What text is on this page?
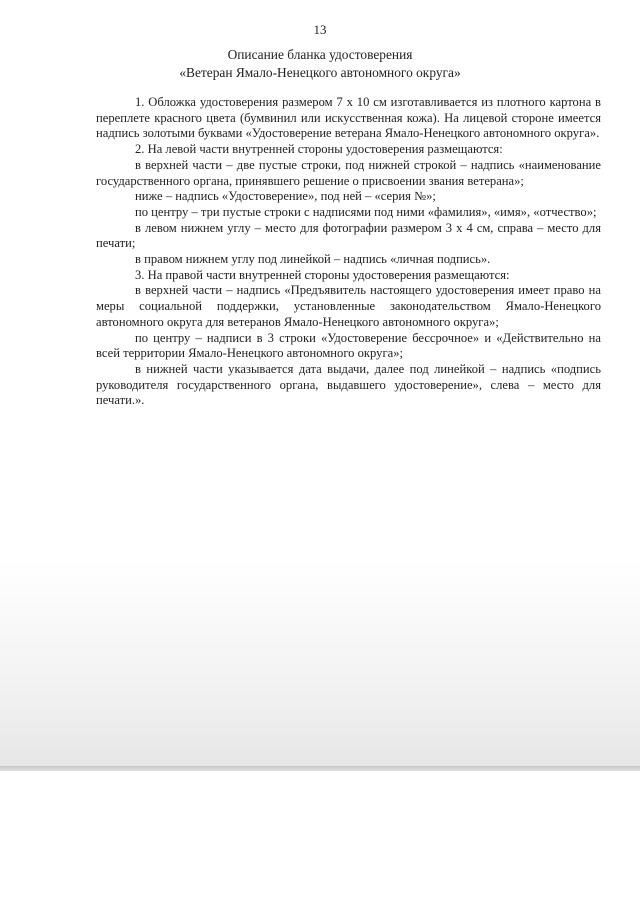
13
Описание бланка удостоверения
«Ветеран Ямало-Ненецкого автономного округа»

1. Обложка удостоверения размером 7 х 10 см изготавливается из плотного картона в переплете красного цвета (бумвинил или искусственная кожа). На лицевой стороне имеется надпись золотыми буквами «Удостоверение ветерана Ямало-Ненецкого автономного округа».

2. На левой части внутренней стороны удостоверения размещаются:

в верхней части – две пустые строки, под нижней строкой – надпись «наименование государственного органа, принявшего решение о присвоении звания ветерана»;

ниже – надпись «Удостоверение», под ней – «серия №»;

по центру – три пустые строки с надписями под ними «фамилия», «имя», «отчество»;

в левом нижнем углу – место для фотографии размером 3 х 4 см, справа – место для печати;

в правом нижнем углу под линейкой – надпись «личная подпись».

3. На правой части внутренней стороны удостоверения размещаются:

в верхней части – надпись «Предъявитель настоящего удостоверения имеет право на меры социальной поддержки, установленные законодательством Ямало-Ненецкого автономного округа для ветеранов Ямало-Ненецкого автономного округа»;

по центру – надписи в 3 строки «Удостоверение бессрочное» и «Действительно на всей территории Ямало-Ненецкого автономного округа»;

в нижней части указывается дата выдачи, далее под линейкой – надпись «подпись руководителя государственного органа, выдавшего удостоверение», слева – место для печати.».
